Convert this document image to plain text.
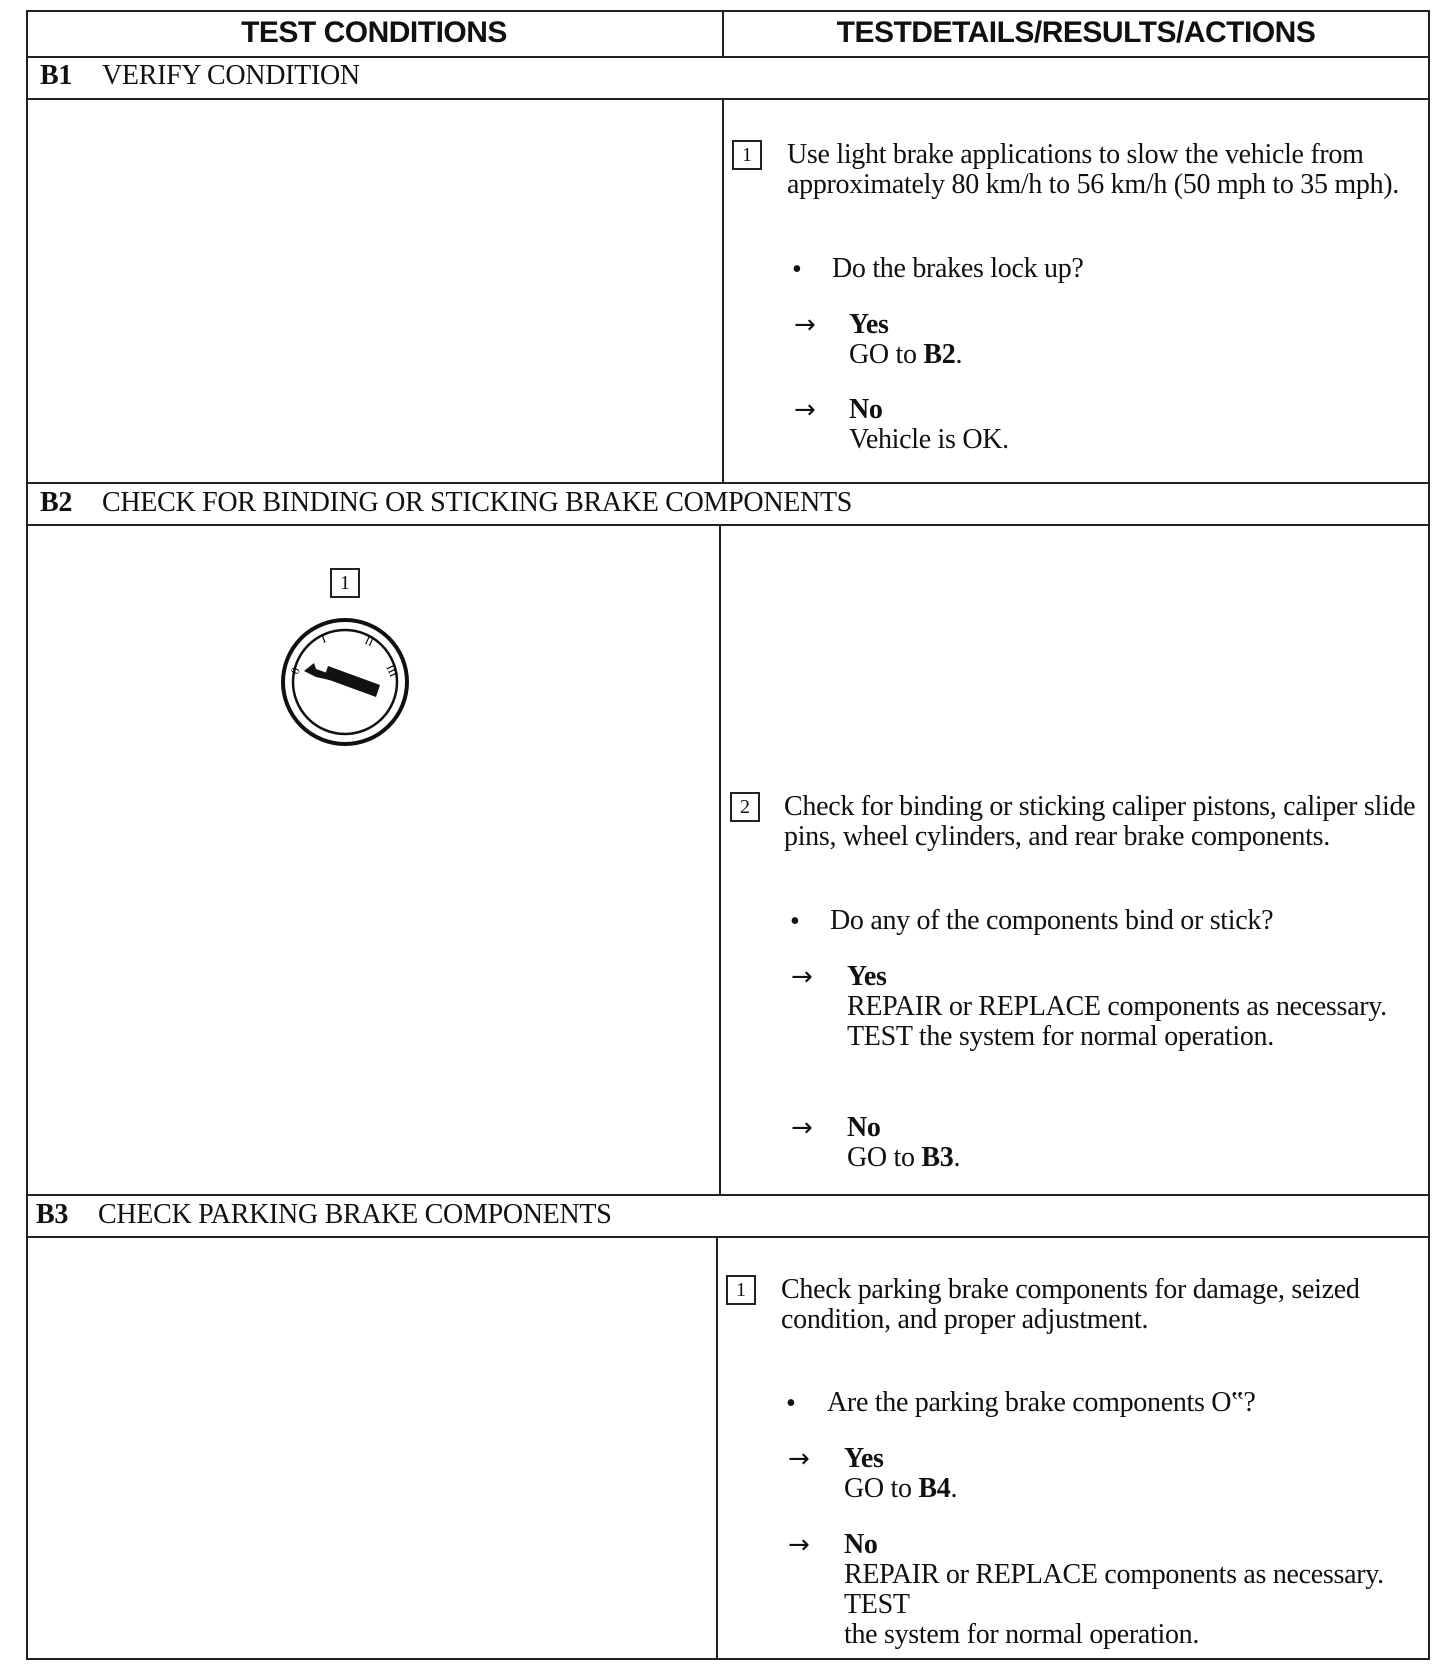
TEST CONDITIONS	TESTDETAILS/RESULTS/ACTIONS
B1 VERIFY CONDITION
1	Use light brake applications to slow the vehicle from approximately 80 km/h to 56 km/h (50 mph to 35 mph).
• Do the brakes lock up?
→ Yes
GO to B2.
→ No
Vehicle is OK.
B2 CHECK FOR BINDING OR STICKING BRAKE COMPONENTS
1
0
I	II
III
2	Check for binding or sticking caliper pistons, caliper slide pins, wheel cylinders, and rear brake components.
• Do any of the components bind or stick?
→ Yes
REPAIR or REPLACE components as necessary. TEST the system for normal operation.
→ No
GO to B3.
B3 CHECK PARKING BRAKE COMPONENTS
1	Check parking brake components for damage, seized condition, and proper adjustment.
• Are the parking brake components O‟?
→ Yes
GO to B4.
→ No
REPAIR or REPLACE components as necessary. TEST
the system for normal operation.
